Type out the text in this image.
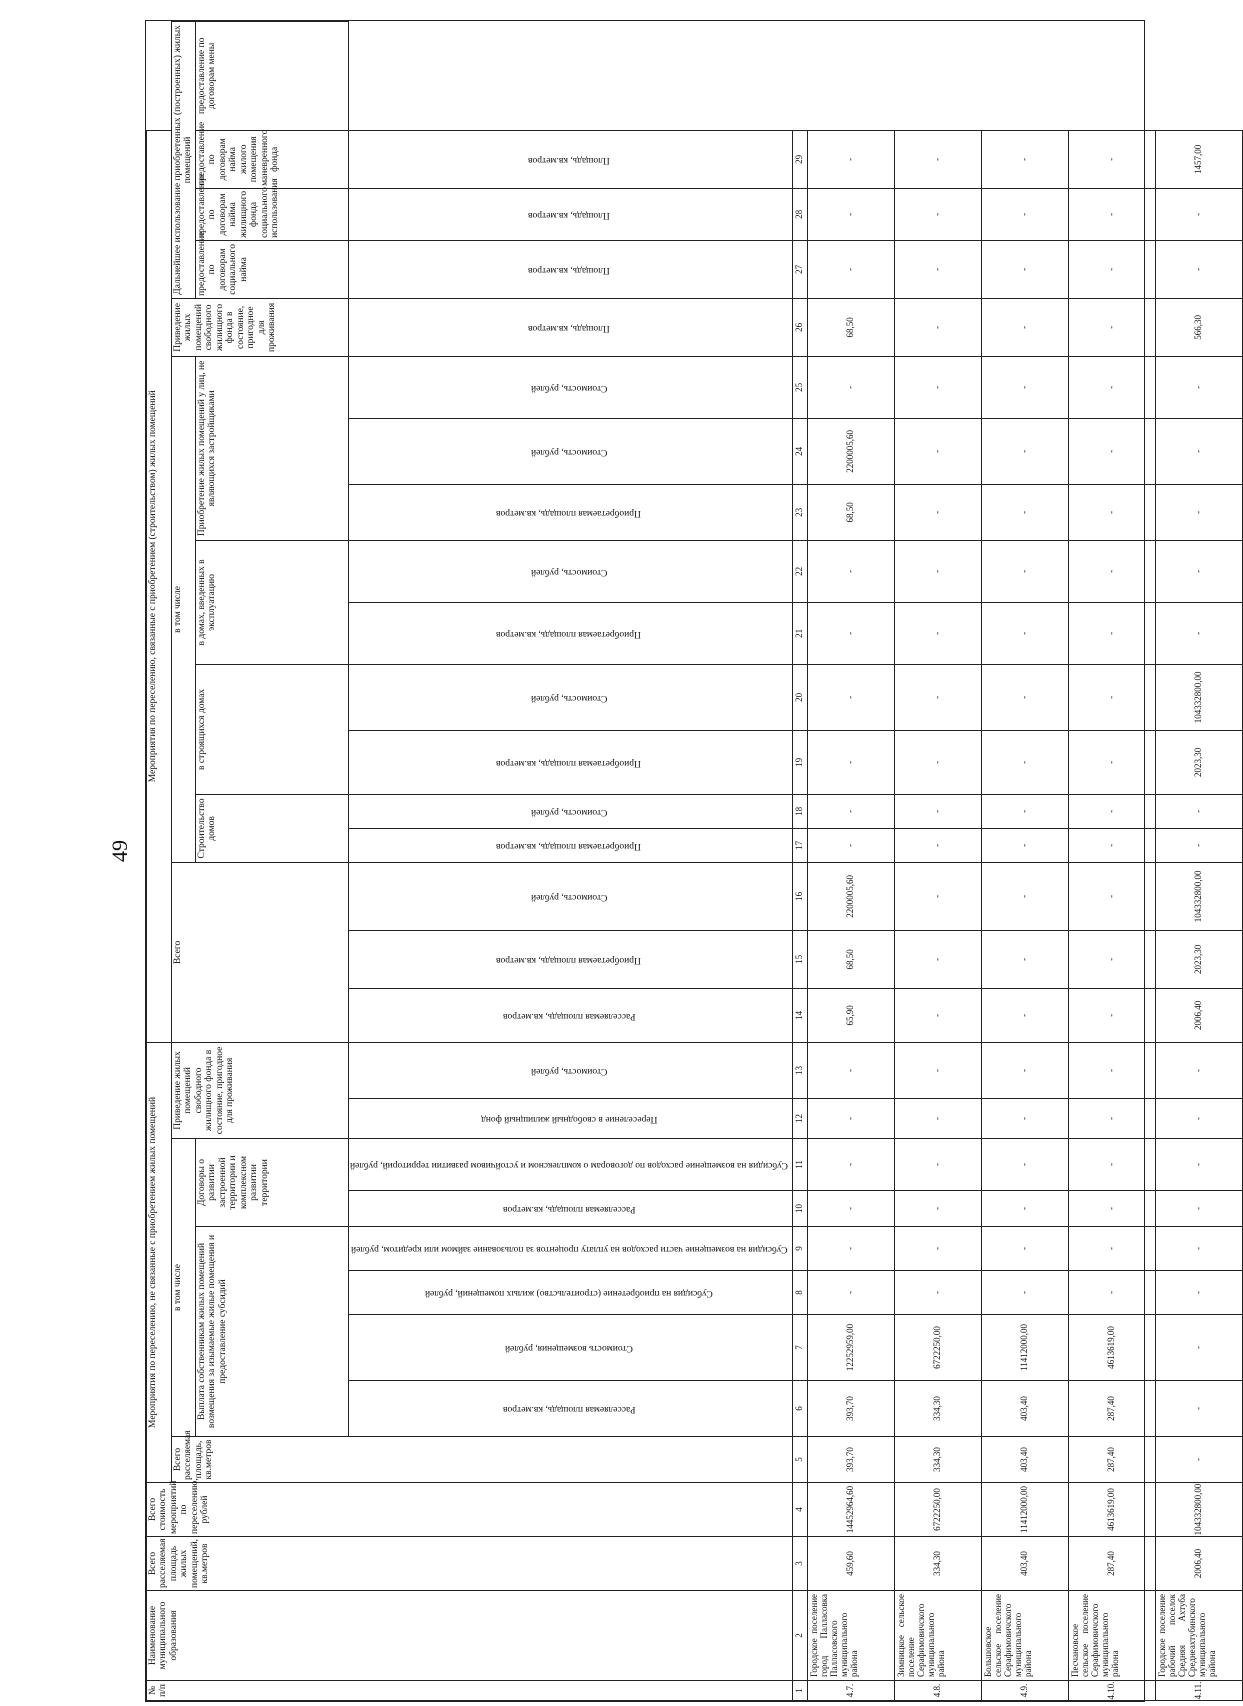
49
№ п/п	Наименование муниципального образования	Всего расселяемая площадь жилых помещений, кв.метров	Всего стоимость мероприятий по переселению, рублей	Мероприятия по переселению, не связанные с приобретением жилых помещений									Мероприятия по переселению, связанные с приобретением (строительством) жилых помещений																
				Всего расселяемая площадь, кв.метров	в том числе						Приведение жилых помещений свободного жилищного фонда в состояние, пригодное для проживания		Всего			в том числе									Приведение жилых помещений свободного жилищного фонда в состояние, пригодное для проживания	Дальнейшее использование приобретенных (построенных) жилых помещений			
					Выплата собственникам жилых помещений возмещения за изымаемые жилые помещения и предоставление субсидий				Договоры о развитии застроенной территории и комплексном развитии территории							Строительство домов		в строящихся домах		в домах, введенных в эксплуатацию		Приобретение жилых помещений у лиц, не являющихся застройщиками				предоставление по договорам социального найма	предоставление по договорам найма жилищного фонда социального использования	предоставление по договорам найма жилого помещения маневренного фонда	предоставление по договорам мены
					Расселяемая площадь, кв.метров	Стоимость возмещения, рублей	Субсидия на приобретение (строительство) жилых помещений, рублей	Субсидия на возмещение части расходов на уплату процентов за пользование займом или кредитом, рублей	Расселяемая площадь, кв.метров	Субсидия на возмещение расходов по договорам о комплексном и устойчивом развитии территорий, рублей	Переселение в свободный жилищный фонд	Стоимость, рублей	Расселяемая площадь, кв.метров	Приобретаемая площадь, кв.метров	Стоимость, рублей	Приобретаемая площадь, кв.метров	Стоимость, рублей	Приобретаемая площадь, кв.метров	Стоимость, рублей	Приобретаемая площадь, кв.метров	Стоимость, рублей	Приобретаемая площадь, кв.метров	Стоимость, рублей	Стоимость, рублей	Площадь, кв.метров	Площадь, кв.метров	Площадь, кв.метров	Площадь, кв.метров	
1	2	3	4	5	6	7	8	9	10	11	12	13	14	15	16	17	18	19	20	21	22	23	24	25	26	27	28	29	
4.7.	Городское поселение город Палласовка Палласовского муниципального района	459,60	14452964,60	393,70	393,70	12252959,00	-	-	-	-	-	-	65,90	68,50	2200005,60	-	-	-	-	-	-	68,50	2200005,60	-	68,50	-	-	-	
4.8.	Зимницкое сельское поселение Серафимовичского муниципального района	334,30	6722250,00	334,30	334,30	6722250,00	-	-	-	-	-	-	-	-	-	-	-	-	-	-	-	-	-	-	-	-	-	-	
4.9.	Большовское сельское поселение Серафимовичского муниципального района	403,40	11412000,00	403,40	403,40	11412000,00	-	-	-	-	-	-	-	-	-	-	-	-	-	-	-	-	-	-	-	-	-	-	
4.10.	Песчановское сельское поселение Серафимовичского муниципального района	287,40	4613619,00	287,40	287,40	4613619,00	-	-	-	-	-	-	-	-	-	-	-	-	-	-	-	-	-	-	-	-	-	-	
4.11.	Городское поселение рабочий поселок Средняя Ахтуба Среднеахтубинского муниципального района	2006,40	104332800,00	-	-	-	-	-	-	-	-	-	2006,40	2023,30	104332800,00	-	-	2023,30	104332800,00	-	-	-	-	-	566,30	-	-	1457,00	
